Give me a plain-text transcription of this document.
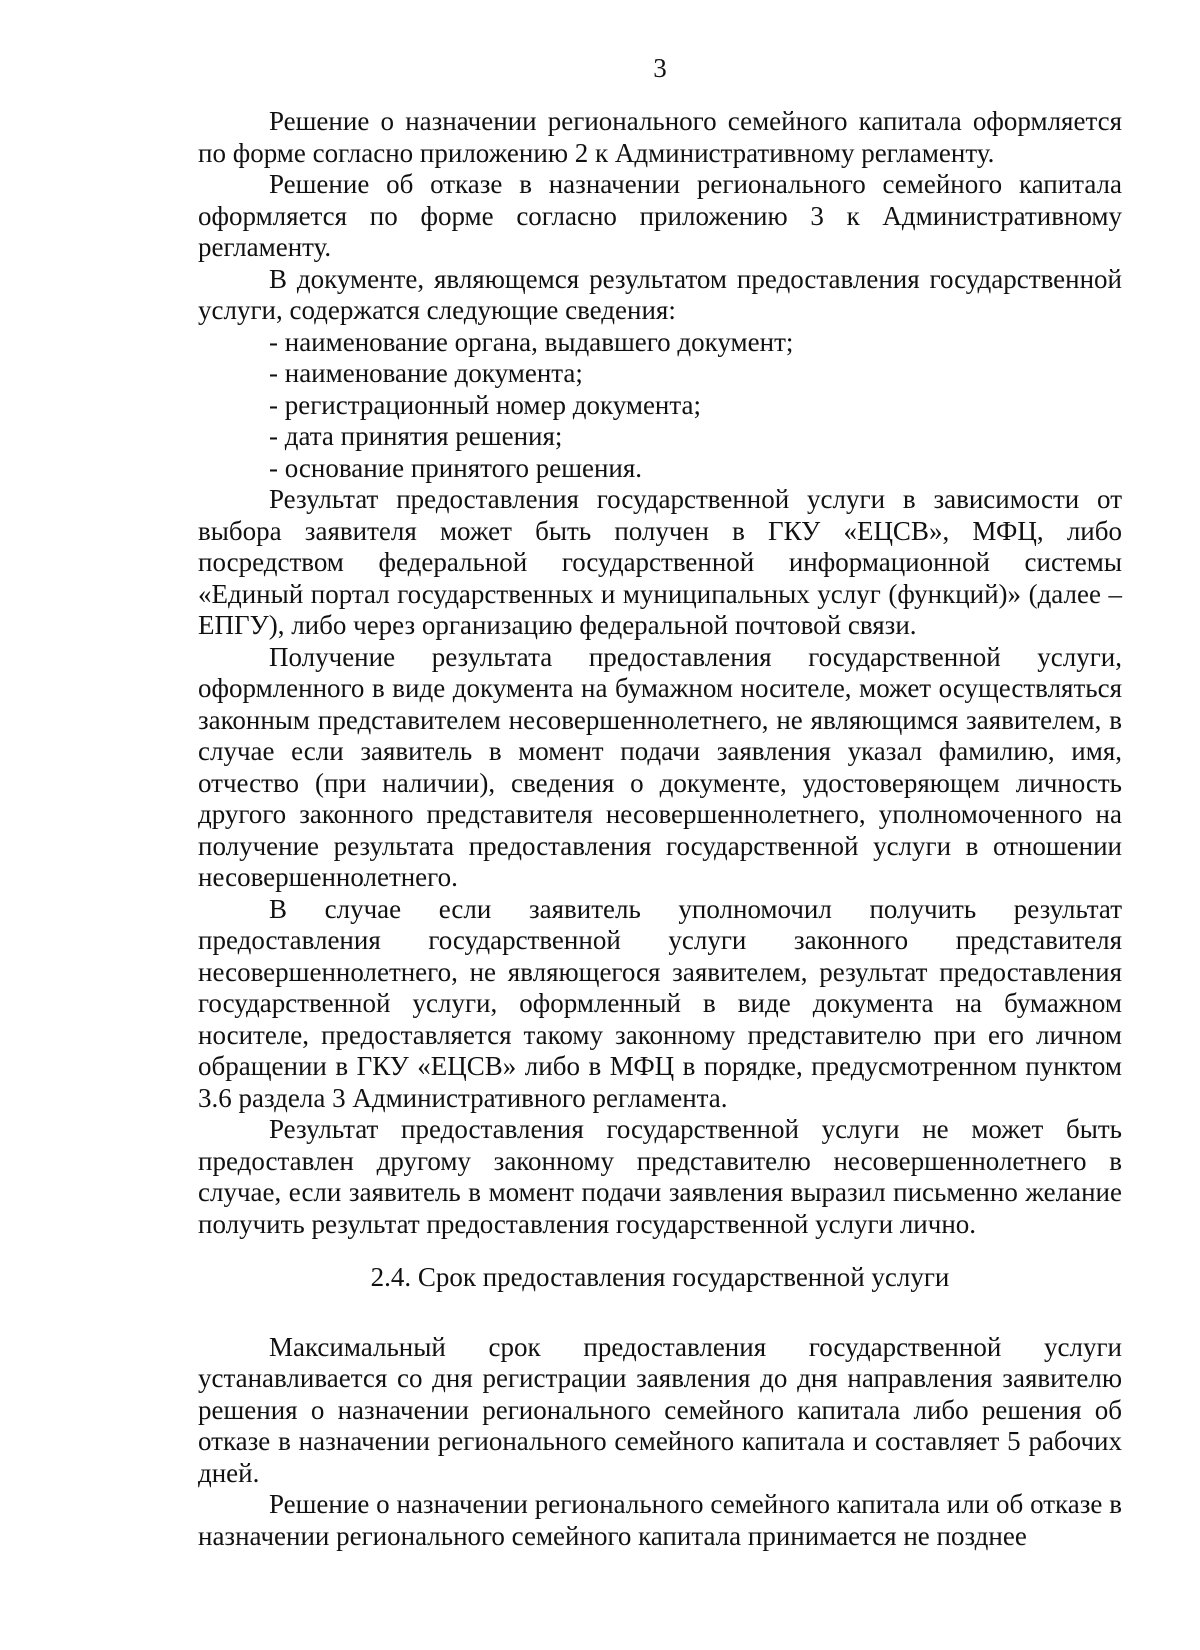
3

Решение о назначении регионального семейного капитала оформляется по форме согласно приложению 2 к Административному регламенту.

Решение об отказе в назначении регионального семейного капитала оформляется по форме согласно приложению 3 к Административному регламенту.

В документе, являющемся результатом предоставления государственной услуги, содержатся следующие сведения:

- наименование органа, выдавшего документ;

- наименование документа;

- регистрационный номер документа;

- дата принятия решения;

- основание принятого решения.

Результат предоставления государственной услуги в зависимости от выбора заявителя может быть получен в ГКУ «ЕЦСВ», МФЦ, либо посредством федеральной государственной информационной системы «Единый портал государственных и муниципальных услуг (функций)» (далее – ЕПГУ), либо через организацию федеральной почтовой связи.

Получение результата предоставления государственной услуги, оформленного в виде документа на бумажном носителе, может осуществляться законным представителем несовершеннолетнего, не являющимся заявителем, в случае если заявитель в момент подачи заявления указал фамилию, имя, отчество (при наличии), сведения о документе, удостоверяющем личность другого законного представителя несовершеннолетнего, уполномоченного на получение результата предоставления государственной услуги в отношении несовершеннолетнего.

В случае если заявитель уполномочил получить результат предоставления государственной услуги законного представителя несовершеннолетнего, не являющегося заявителем, результат предоставления государственной услуги, оформленный в виде документа на бумажном носителе, предоставляется такому законному представителю при его личном обращении в ГКУ «ЕЦСВ» либо в МФЦ в порядке, предусмотренном пунктом 3.6 раздела 3 Административного регламента.

Результат предоставления государственной услуги не может быть предоставлен другому законному представителю несовершеннолетнего в случае, если заявитель в момент подачи заявления выразил письменно желание получить результат предоставления государственной услуги лично.

2.4. Срок предоставления государственной услуги

Максимальный срок предоставления государственной услуги устанавливается со дня регистрации заявления до дня направления заявителю решения о назначении регионального семейного капитала либо решения об отказе в назначении регионального семейного капитала и составляет 5 рабочих дней.

Решение о назначении регионального семейного капитала или об отказе в назначении регионального семейного капитала принимается не позднее
